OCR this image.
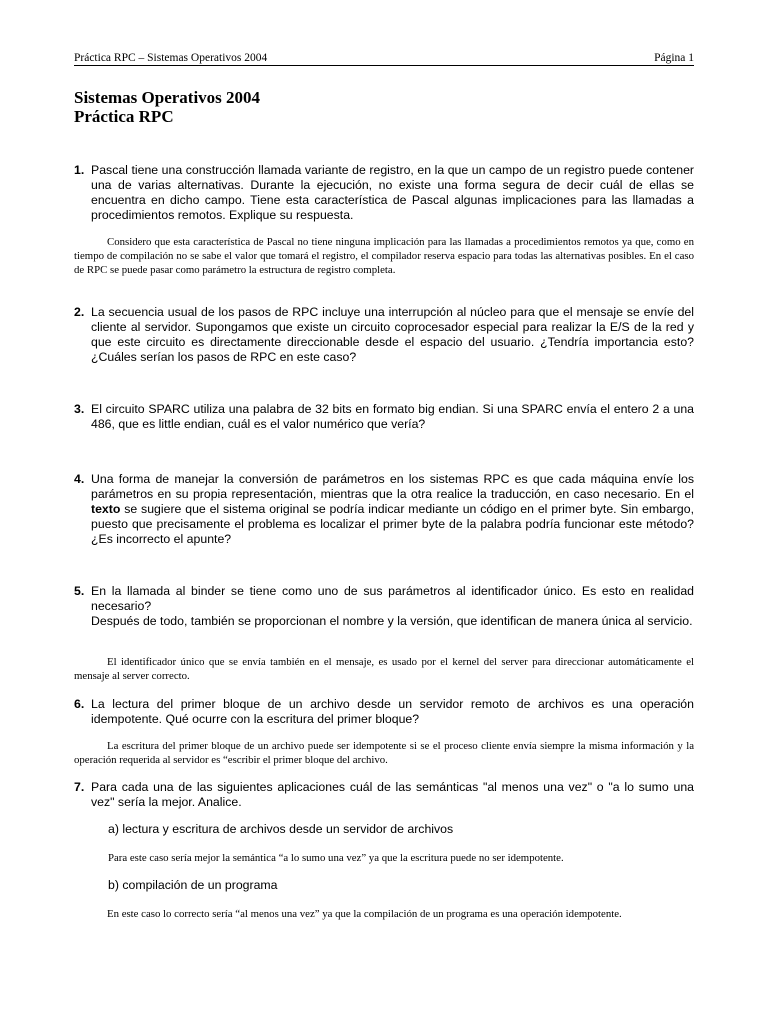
Práctica RPC – Sistemas Operativos 2004	Página 1
Sistemas Operativos 2004
Práctica RPC
1. Pascal tiene una construcción llamada variante de registro, en la que un campo de un registro puede contener una de varias alternativas. Durante la ejecución, no existe una forma segura de decir cuál de ellas se encuentra en dicho campo. Tiene esta característica de Pascal algunas implicaciones para las llamadas a procedimientos remotos. Explique su respuesta.
Considero que esta característica de Pascal no tiene ninguna implicación para las llamadas a procedimientos remotos ya que, como en tiempo de compilación no se sabe el valor que tomará el registro, el compilador reserva espacio para todas las alternativas posibles. En el caso de RPC se puede pasar como parámetro la estructura de registro completa.
2. La secuencia usual de los pasos de RPC incluye una interrupción al núcleo para que el mensaje se envíe del cliente al servidor. Supongamos que existe un circuito coprocesador especial para realizar la E/S de la red y que este circuito es directamente direccionable desde el espacio del usuario. ¿Tendría importancia esto? ¿Cuáles serían los pasos de RPC en este caso?
3. El circuito SPARC utiliza una palabra de 32 bits en formato big endian. Si una SPARC envía el entero 2 a una 486, que es little endian, cuál es el valor numérico que vería?
4. Una forma de manejar la conversión de parámetros en los sistemas RPC es que cada máquina envíe los parámetros en su propia representación, mientras que la otra realice la traducción, en caso necesario. En el texto se sugiere que el sistema original se podría indicar mediante un código en el primer byte. Sin embargo, puesto que precisamente el problema es localizar el primer byte de la palabra podría funcionar este método? ¿Es incorrecto el apunte?
5. En la llamada al binder se tiene como uno de sus parámetros al identificador único. Es esto en realidad necesario?
Después de todo, también se proporcionan el nombre y la versión, que identifican de manera única al servicio.
El identificador único que se envía también en el mensaje, es usado por el kernel del server para direccionar automáticamente el mensaje al server correcto.
6. La lectura del primer bloque de un archivo desde un servidor remoto de archivos es una operación idempotente. Qué ocurre con la escritura del primer bloque?
La escritura del primer bloque de un archivo puede ser idempotente si se el proceso cliente envía siempre la misma información y la operación requerida al servidor es “escribir el primer bloque del archivo.
7. Para cada una de las siguientes aplicaciones cuál de las semánticas "al menos una vez" o "a lo sumo una vez" sería la mejor. Analice.
a) lectura y escritura de archivos desde un servidor de archivos
Para este caso sería mejor la semántica “a lo sumo una vez” ya que la escritura puede no ser idempotente.
b) compilación de un programa
En este caso lo correcto sería “al menos una vez” ya que la compilación de un programa es una operación idempotente.
